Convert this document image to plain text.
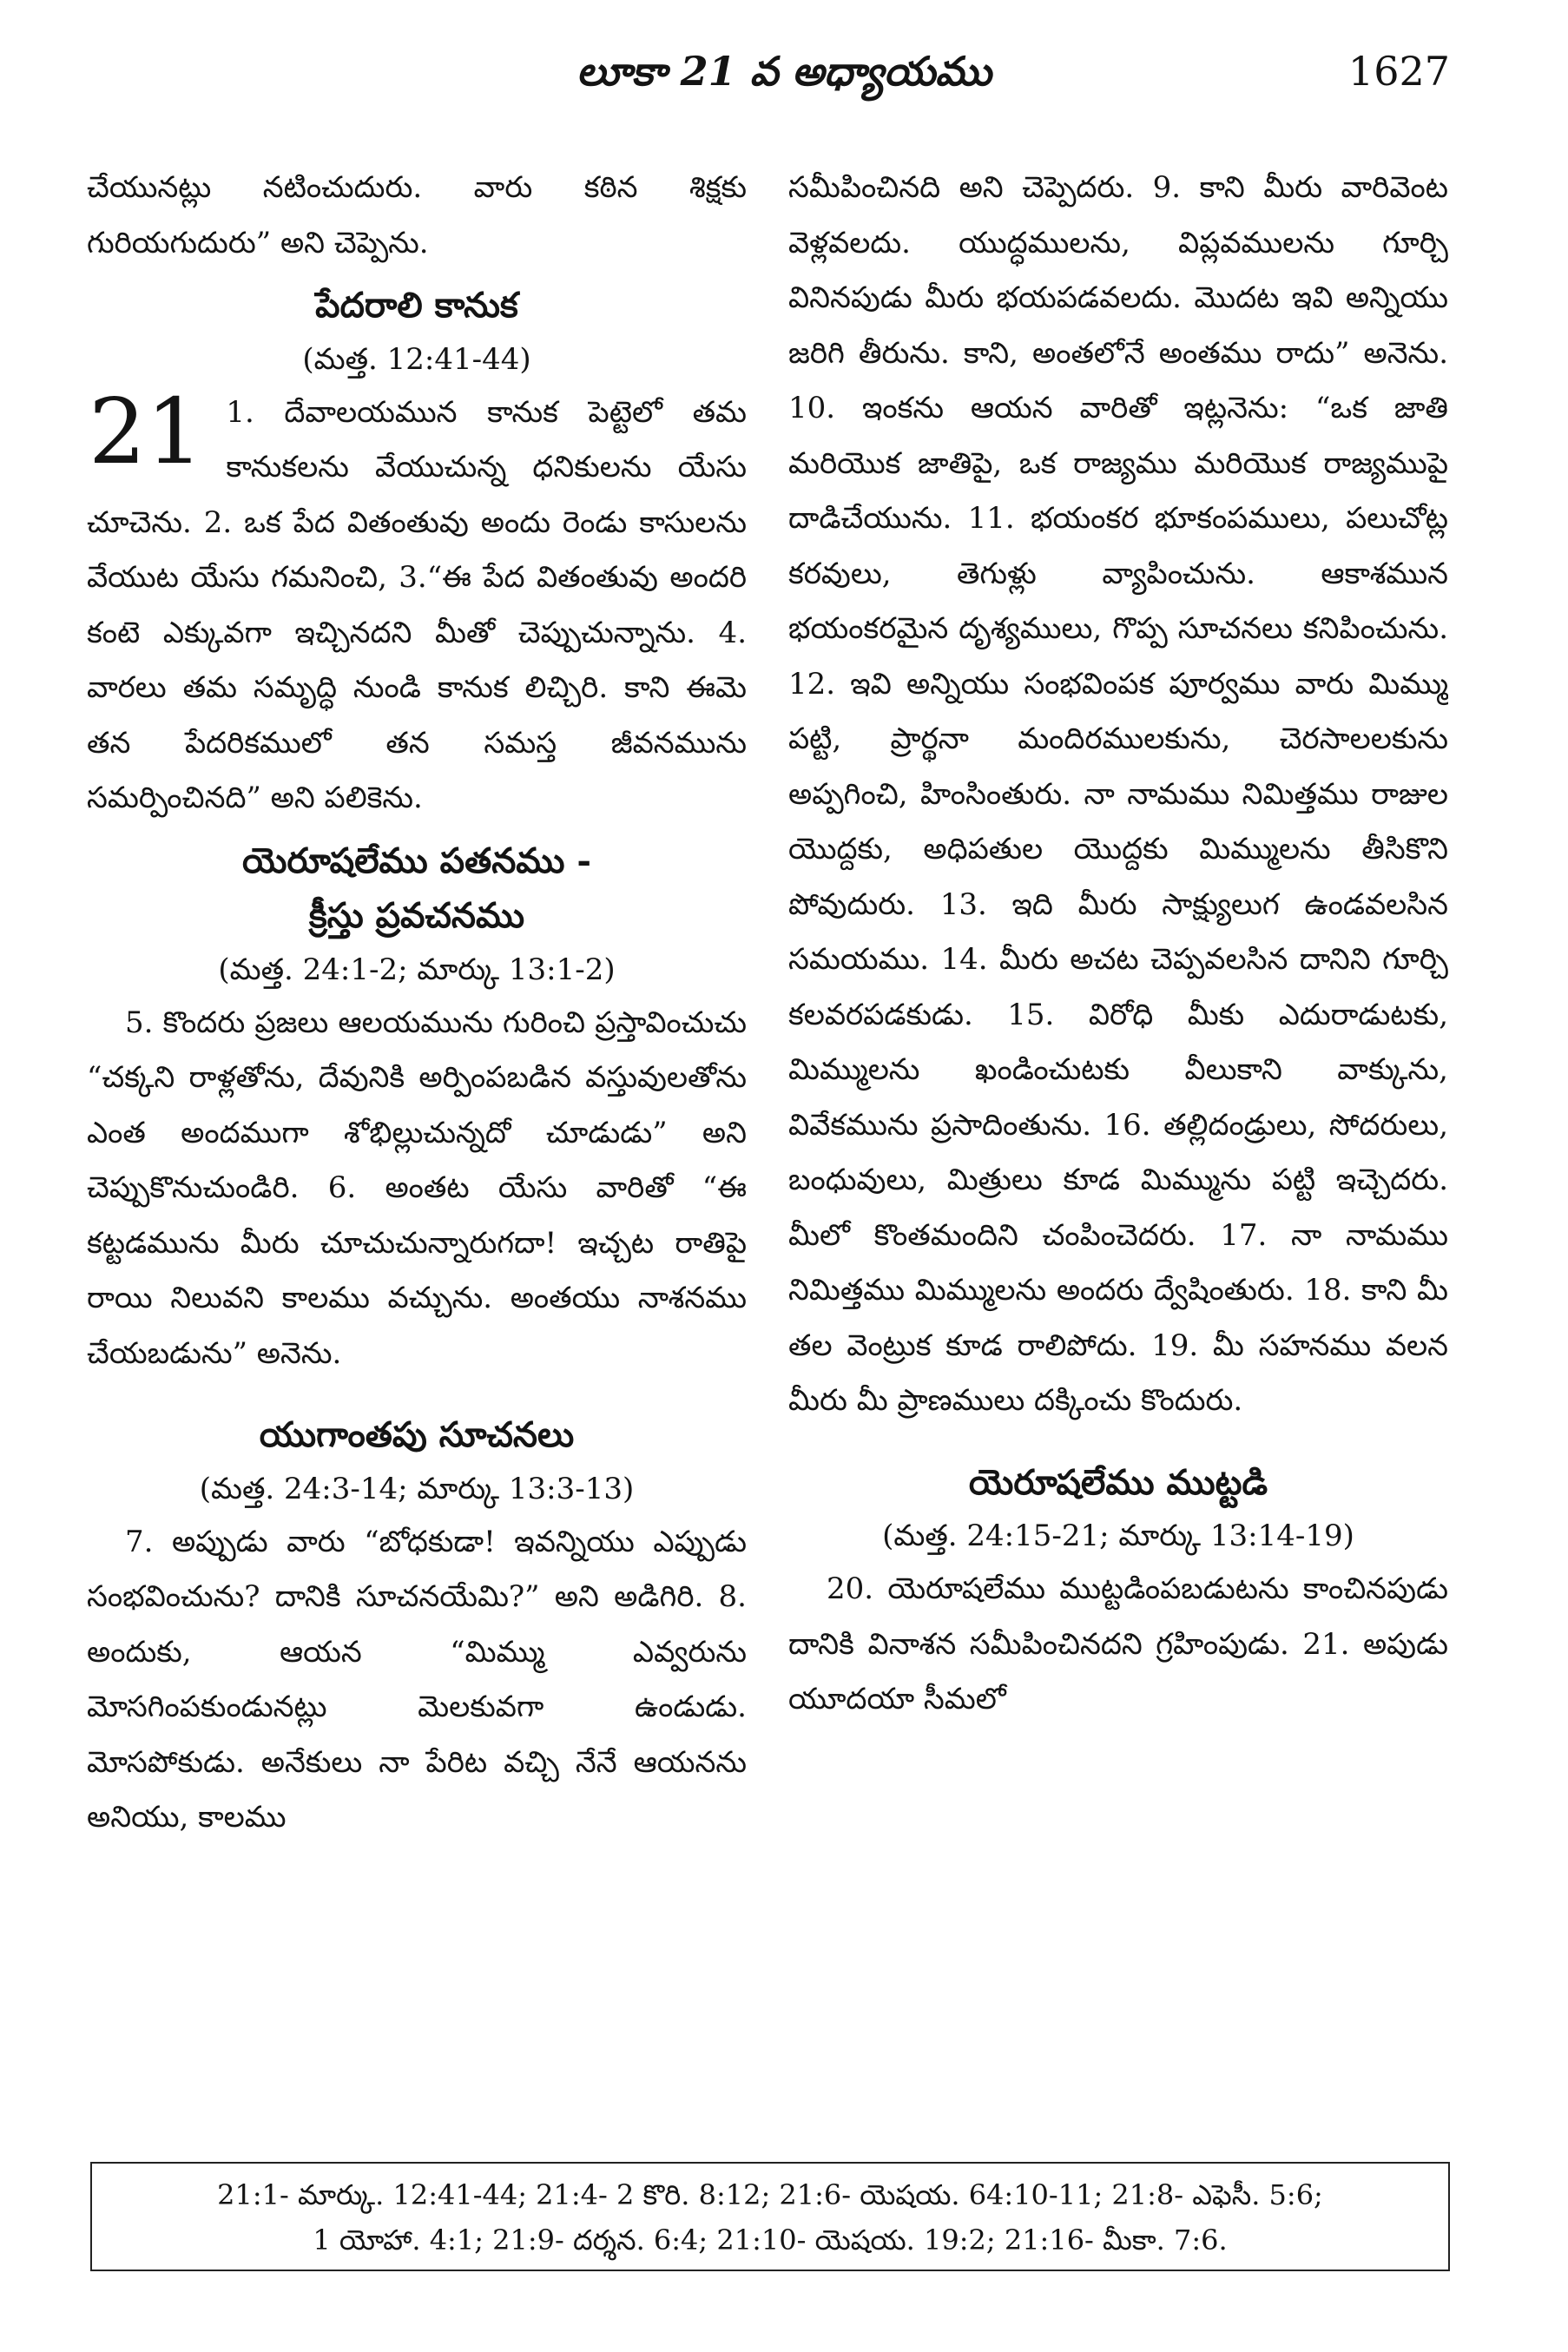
లూకా 21 వ అధ్యాయము	1627

చేయునట్లు నటించుదురు. వారు కఠిన శిక్షకు గురియగుదురు” అని చెప్పెను.

పేదరాలి కానుక
(మత్త. 12:41-44)
21 1. దేవాలయమున కానుక పెట్టెలో తమ కానుకలను వేయుచున్న ధనికులను యేసు చూచెను. 2. ఒక పేద వితంతువు అందు రెండు కాసులను వేయుట యేసు గమనించి, 3.“ఈ పేద వితంతువు అందరి కంటె ఎక్కువగా ఇచ్చినదని మీతో చెప్పుచున్నాను. 4. వారలు తమ సమృద్ధి నుండి కానుక లిచ్చిరి. కాని ఈమె తన పేదరికములో తన సమస్త జీవనమును సమర్పించినది” అని పలికెను.
యెరూషలేము పతనము -
క్రీస్తు ప్రవచనము
(మత్త. 24:1-2; మార్కు 13:1-2)

5. కొందరు ప్రజలు ఆలయమును గురించి ప్రస్తావించుచు “చక్కని రాళ్లతోను, దేవునికి అర్పింపబడిన వస్తువులతోను ఎంత అందముగా శోభిల్లుచున్నదో చూడుడు” అని చెప్పుకొనుచుండిరి. 6. అంతట యేసు వారితో “ఈ కట్టడమును మీరు చూచుచున్నారుగదా! ఇచ్చట రాతిపై రాయి నిలువని కాలము వచ్చును. అంతయు నాశనము చేయబడును” అనెను.

యుగాంతపు సూచనలు
(మత్త. 24:3-14; మార్కు 13:3-13)

7. అప్పుడు వారు “బోధకుడా! ఇవన్నియు ఎప్పుడు సంభవించును? దానికి సూచనయేమి?” అని అడిగిరి. 8. అందుకు, ఆయన “మిమ్ము ఎవ్వరును మోసగింపకుండునట్లు మెలకువగా ఉండుడు. మోసపోకుడు. అనేకులు నా పేరిట వచ్చి నేనే ఆయనను అనియు, కాలము

సమీపించినది అని చెప్పెదరు. 9. కాని మీరు వారివెంట వెళ్లవలదు. యుద్ధములను, విప్లవములను గూర్చి వినినపుడు మీరు భయపడవలదు. మొదట ఇవి అన్నియు జరిగి తీరును. కాని, అంతలోనే అంతము రాదు” అనెను. 10. ఇంకను ఆయన వారితో ఇట్లనెను: “ఒక జాతి మరియొక జాతిపై, ఒక రాజ్యము మరియొక రాజ్యముపై దాడిచేయును. 11. భయంకర భూకంపములు, పలుచోట్ల కరవులు, తెగుళ్లు వ్యాపించును. ఆకాశమున భయంకరమైన దృశ్యములు, గొప్ప సూచనలు కనిపించును. 12. ఇవి అన్నియు సంభవింపక పూర్వము వారు మిమ్ము పట్టి, ప్రార్థనా మందిరములకును, చెరసాలలకును అప్పగించి, హింసింతురు. నా నామము నిమిత్తము రాజుల యొద్దకు, అధిపతుల యొద్దకు మిమ్ములను తీసికొని పోవుదురు. 13. ఇది మీరు సాక్ష్యులుగ ఉండవలసిన సమయము. 14. మీరు అచట చెప్పవలసిన దానిని గూర్చి కలవరపడకుడు. 15. విరోధి మీకు ఎదురాడుటకు, మిమ్ములను ఖండించుటకు వీలుకాని వాక్కును, వివేకమును ప్రసాదింతును. 16. తల్లిదండ్రులు, సోదరులు, బంధువులు, మిత్రులు కూడ మిమ్మును పట్టి ఇచ్చెదరు. మీలో కొంతమందిని చంపించెదరు. 17. నా నామము నిమిత్తము మిమ్ములను అందరు ద్వేషింతురు. 18. కాని మీ తల వెంట్రుక కూడ రాలిపోదు. 19. మీ సహనము వలన మీరు మీ ప్రాణములు దక్కించు కొందురు.

యెరూషలేము ముట్టడి
(మత్త. 24:15-21; మార్కు 13:14-19)

20. యెరూషలేము ముట్టడింపబడుటను కాంచినపుడు దానికి వినాశన సమీపించినదని గ్రహింపుడు. 21. అపుడు యూదయా సీమలో

21:1- మార్కు. 12:41-44; 21:4- 2 కొరి. 8:12; 21:6- యెషయ. 64:10-11; 21:8- ఎఫెసీ. 5:6;

1 యోహా. 4:1; 21:9- దర్శన. 6:4; 21:10- యెషయ. 19:2; 21:16- మీకా. 7:6.
